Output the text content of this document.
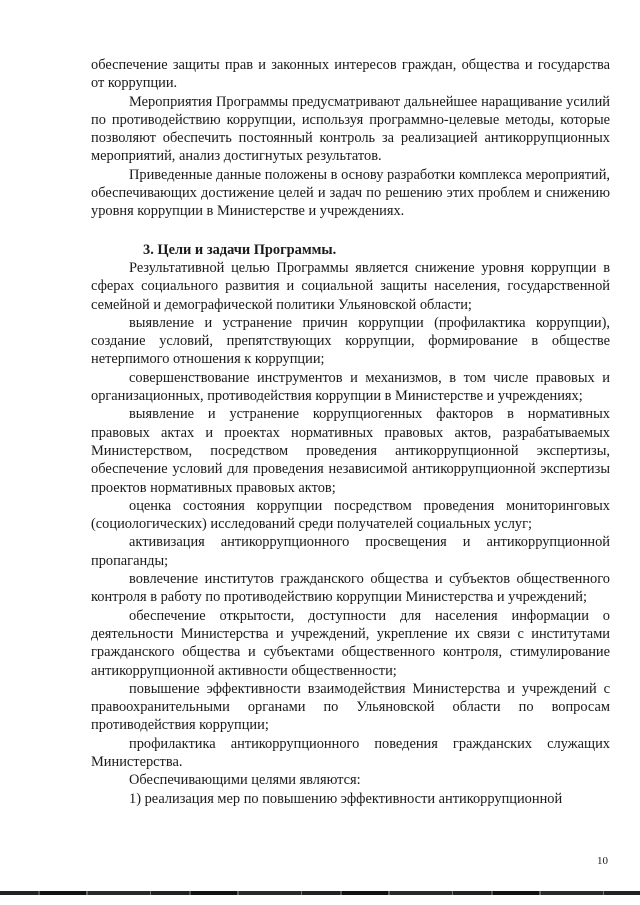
обеспечение защиты прав и законных интересов граждан, общества и государства от коррупции.

Мероприятия Программы предусматривают дальнейшее наращивание усилий по противодействию коррупции, используя программно-целевые методы, которые позволяют обеспечить постоянный контроль за реализацией антикоррупционных мероприятий, анализ достигнутых результатов.

Приведенные данные положены в основу разработки комплекса мероприятий, обеспечивающих достижение целей и задач по решению этих проблем и снижению уровня коррупции в Министерстве и учреждениях.

3. Цели и задачи Программы.

Результативной целью Программы является снижение уровня коррупции в сферах социального развития и социальной защиты населения, государственной семейной и демографической политики Ульяновской области;

выявление и устранение причин коррупции (профилактика коррупции), создание условий, препятствующих коррупции, формирование в обществе нетерпимого отношения к коррупции;

совершенствование инструментов и механизмов, в том числе правовых и организационных, противодействия коррупции в Министерстве и учреждениях;

выявление и устранение коррупциогенных факторов в нормативных правовых актах и проектах нормативных правовых актов, разрабатываемых Министерством, посредством проведения антикоррупционной экспертизы, обеспечение условий для проведения независимой антикоррупционной экспертизы проектов нормативных правовых актов;

оценка состояния коррупции посредством проведения мониторинговых (социологических) исследований среди получателей социальных услуг;

активизация антикоррупционного просвещения и антикоррупционной пропаганды;

вовлечение институтов гражданского общества и субъектов общественного контроля в работу по противодействию коррупции Министерства и учреждений;

обеспечение открытости, доступности для населения информации о деятельности Министерства и учреждений, укрепление их связи с институтами гражданского общества и субъектами общественного контроля, стимулирование антикоррупционной активности общественности;

повышение эффективности взаимодействия Министерства и учреждений с правоохранительными органами по Ульяновской области по вопросам противодействия коррупции;

профилактика антикоррупционного поведения гражданских служащих Министерства.

Обеспечивающими целями являются:

1) реализация мер по повышению эффективности антикоррупционной

10
